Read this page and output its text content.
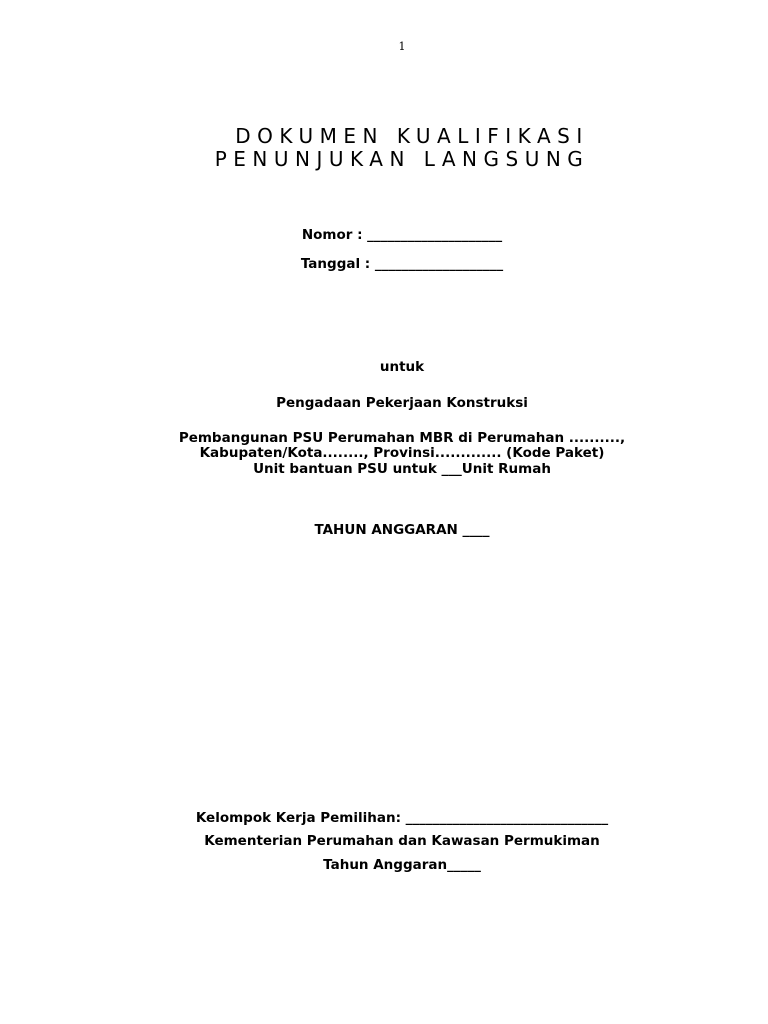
1
DOKUMEN KUALIFIKASI
PENUNJUKAN LANGSUNG
Nomor : ____________________
Tanggal : ___________________
untuk
Pengadaan Pekerjaan Konstruksi
Pembangunan PSU Perumahan MBR di Perumahan ..........,
Kabupaten/Kota........, Provinsi............. (Kode Paket)
Unit bantuan PSU untuk ___Unit Rumah
TAHUN ANGGARAN ____
Kelompok Kerja Pemilihan: ______________________________
Kementerian Perumahan dan Kawasan Permukiman
Tahun Anggaran_____
